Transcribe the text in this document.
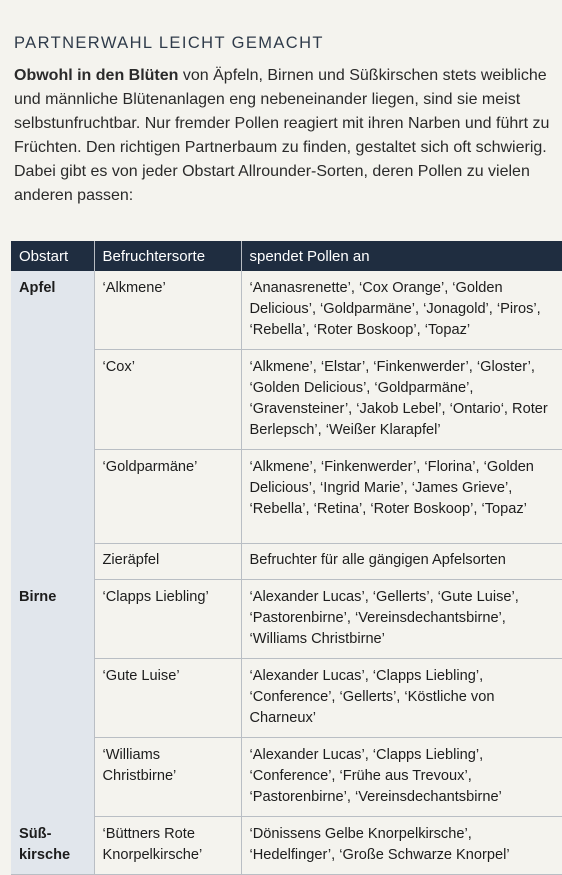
PARTNERWAHL LEICHT GEMACHT

Obwohl in den Blüten von Äpfeln, Birnen und Süßkirschen stets weibliche und männliche Blütenanlagen eng nebeneinander liegen, sind sie meist selbstunfruchtbar. Nur fremder Pollen reagiert mit ihren Narben und führt zu Früchten. Den richtigen Partnerbaum zu finden, gestaltet sich oft schwierig. Dabei gibt es von jeder Obstart Allrounder-Sorten, deren Pollen zu vielen anderen passen:

Obstart	Befruchtersorte	spendet Pollen an
Apfel	‘Alkmene’	‘Ananasrenette’, ‘Cox Orange’, ‘Golden Delicious’, ‘Goldparmäne’, ‘Jonagold’, ‘Piros’, ‘Rebella’, ‘Roter Boskoop’, ‘Topaz’
	‘Cox’	‘Alkmene’, ‘Elstar’, ‘Finkenwerder’, ‘Gloster’, ‘Golden Delicious’, ‘Goldparmäne’, ‘Gravensteiner’, ‘Jakob Lebel’, ‘Ontario‘, Roter Berlepsch’, ‘Weißer Klarapfel’
	‘Goldparmäne’	‘Alkmene’, ‘Finkenwerder’, ‘Florina’, ‘Golden Delicious’, ‘Ingrid Marie’, ‘James Grieve’, ‘Rebella’, ‘Retina’, ‘Roter Boskoop’, ‘Topaz’
	Zieräpfel	Befruchter für alle gängigen Apfelsorten
Birne	‘Clapps Liebling’	‘Alexander Lucas’, ‘Gellerts’, ‘Gute Luise’, ‘Pastorenbirne’, ‘Vereinsdechantsbirne’, ‘Williams Christbirne’
	‘Gute Luise’	‘Alexander Lucas’, ‘Clapps Liebling’, ‘Conference’, ‘Gellerts’, ‘Köstliche von Charneux’
	‘Williams Christbirne’	‘Alexander Lucas’, ‘Clapps Liebling’, ‘Conference’, ‘Frühe aus Trevoux’, ‘Pastorenbirne’, ‘Vereinsdechantsbirne’
Süß-
kirsche	‘Büttners Rote Knorpelkirsche’	‘Dönissens Gelbe Knorpelkirsche’, ‘Hedelfinger’, ‘Große Schwarze Knorpel’
